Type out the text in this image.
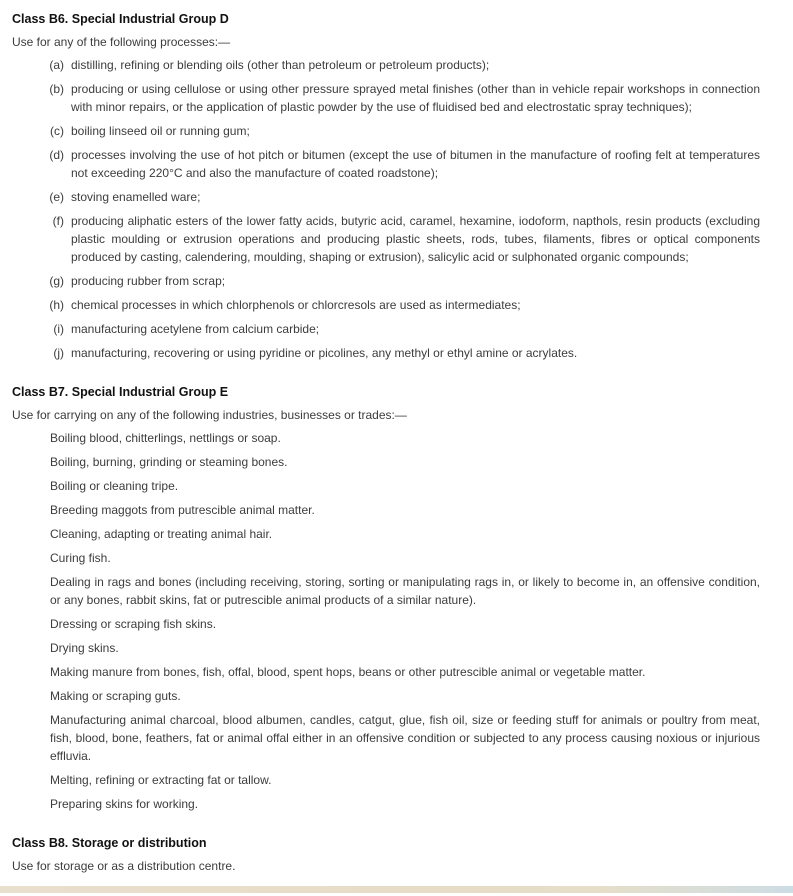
Class B6. Special Industrial Group D
Use for any of the following processes:—
(a) distilling, refining or blending oils (other than petroleum or petroleum products);
(b) producing or using cellulose or using other pressure sprayed metal finishes (other than in vehicle repair workshops in connection with minor repairs, or the application of plastic powder by the use of fluidised bed and electrostatic spray techniques);
(c) boiling linseed oil or running gum;
(d) processes involving the use of hot pitch or bitumen (except the use of bitumen in the manufacture of roofing felt at temperatures not exceeding 220°C and also the manufacture of coated roadstone);
(e) stoving enamelled ware;
(f) producing aliphatic esters of the lower fatty acids, butyric acid, caramel, hexamine, iodoform, napthols, resin products (excluding plastic moulding or extrusion operations and producing plastic sheets, rods, tubes, filaments, fibres or optical components produced by casting, calendering, moulding, shaping or extrusion), salicylic acid or sulphonated organic compounds;
(g) producing rubber from scrap;
(h) chemical processes in which chlorphenols or chlorcresols are used as intermediates;
(i) manufacturing acetylene from calcium carbide;
(j) manufacturing, recovering or using pyridine or picolines, any methyl or ethyl amine or acrylates.
Class B7. Special Industrial Group E
Use for carrying on any of the following industries, businesses or trades:—
Boiling blood, chitterlings, nettlings or soap.
Boiling, burning, grinding or steaming bones.
Boiling or cleaning tripe.
Breeding maggots from putrescible animal matter.
Cleaning, adapting or treating animal hair.
Curing fish.
Dealing in rags and bones (including receiving, storing, sorting or manipulating rags in, or likely to become in, an offensive condition, or any bones, rabbit skins, fat or putrescible animal products of a similar nature).
Dressing or scraping fish skins.
Drying skins.
Making manure from bones, fish, offal, blood, spent hops, beans or other putrescible animal or vegetable matter.
Making or scraping guts.
Manufacturing animal charcoal, blood albumen, candles, catgut, glue, fish oil, size or feeding stuff for animals or poultry from meat, fish, blood, bone, feathers, fat or animal offal either in an offensive condition or subjected to any process causing noxious or injurious effluvia.
Melting, refining or extracting fat or tallow.
Preparing skins for working.
Class B8. Storage or distribution
Use for storage or as a distribution centre.
